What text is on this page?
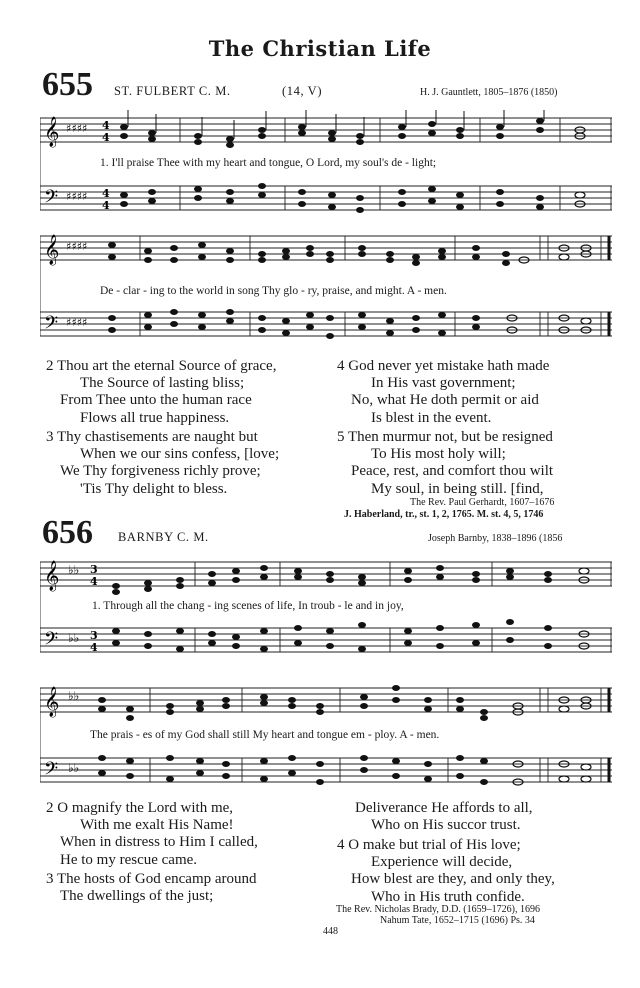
The Christian Life
655 ST. FULBERT C. M.	(14, V)	H. J. Gauntlett, 1805–1876 (1850)
𝄞
𝄢
♯♯♯♯
♯♯♯♯
4
4
4
4
1. I'll praise Thee with my heart and tongue, O Lord, my soul's de - light;
𝄞
𝄢
♯♯♯♯
♯♯♯♯
De - clar - ing to the world in song Thy glo - ry, praise, and might. A - men.
2 Thou art the eternal Source of grace,
The Source of lasting bliss;
From Thee unto the human race
Flows all true happiness.
3 Thy chastisements are naught but
When we our sins confess, [love;
We Thy forgiveness richly prove;
'Tis Thy delight to bless.
4 God never yet mistake hath made
In His vast government;
No, what He doth permit or aid
Is blest in the event.
5 Then murmur not, but be resigned
To His most holy will;
Peace, rest, and comfort thou wilt
My soul, in being still. [find,
The Rev. Paul Gerhardt, 1607–1676
J. Haberland, tr., st. 1, 2, 1765. M. st. 4, 5, 1746
656 BARNBY C. M.	Joseph Barnby, 1838–1896 (1856
𝄞
𝄢
♭♭
♭♭
3
4
3
4
1. Through all the chang - ing scenes of life, In troub - le and in joy,
𝄞
𝄢
♭♭
♭♭
The prais - es of my God shall still My heart and tongue em - ploy. A - men.
2 O magnify the Lord with me,
With me exalt His Name!
When in distress to Him I called,
He to my rescue came.
3 The hosts of God encamp around
The dwellings of the just;
Deliverance He affords to all,
Who on His succor trust.
4 O make but trial of His love;
Experience will decide,
How blest are they, and only they,
Who in His truth confide.
The Rev. Nicholas Brady, D.D. (1659–1726), 1696
Nahum Tate, 1652–1715 (1696) Ps. 34
448
